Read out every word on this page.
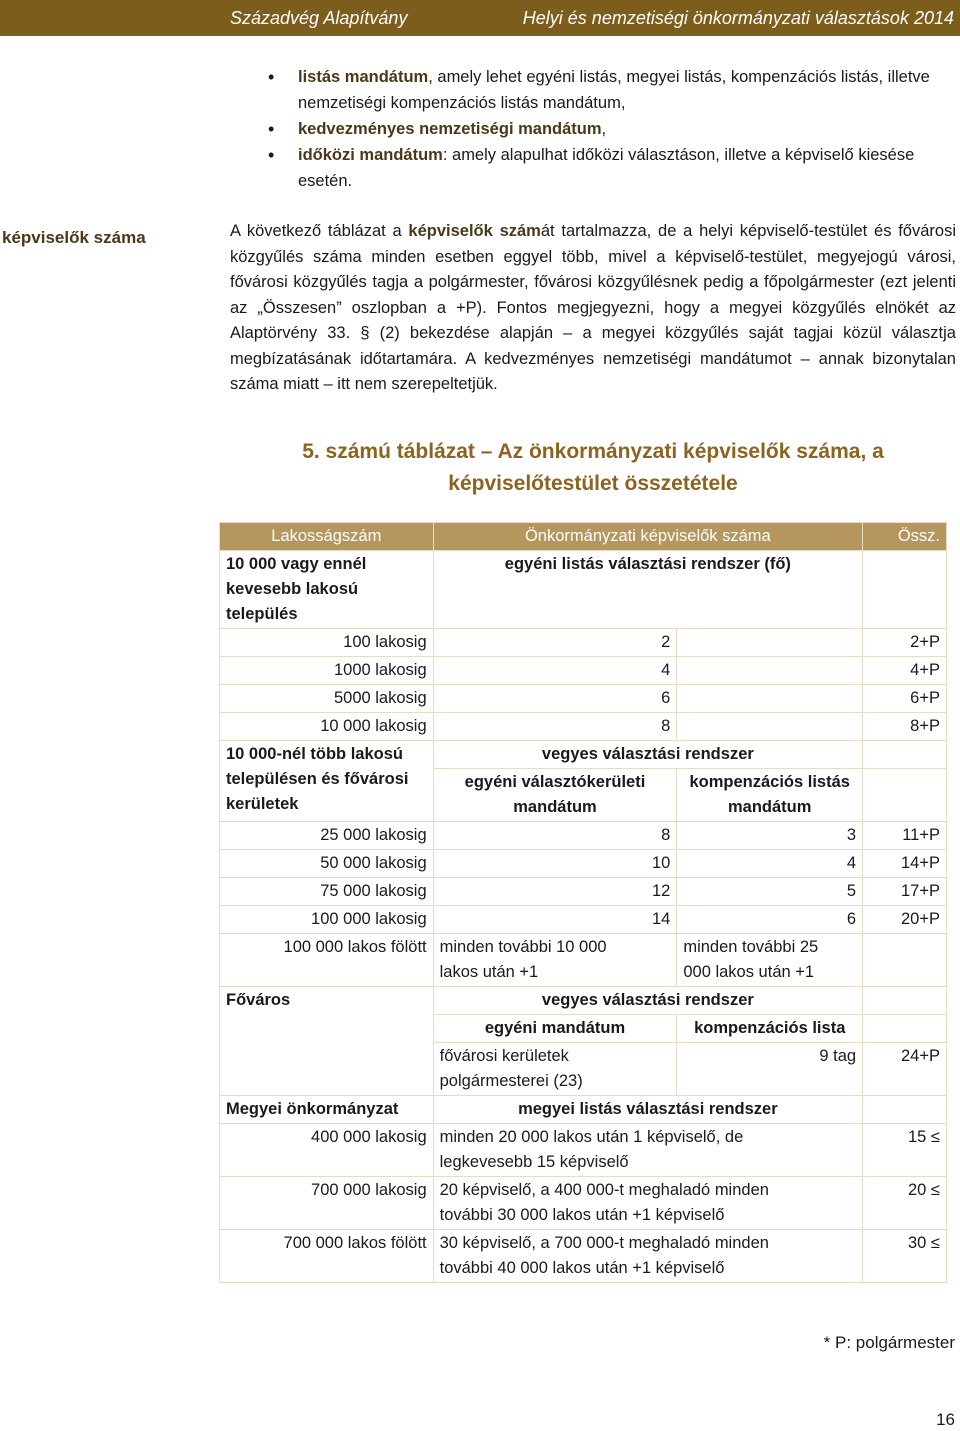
Századvég Alapítvány	Helyi és nemzetiségi önkormányzati választások 2014
• listás mandátum, amely lehet egyéni listás, megyei listás, kompenzációs listás, illetve nemzetiségi kompenzációs listás mandátum,
• kedvezményes nemzetiségi mandátum,
• időközi mandátum: amely alapulhat időközi választáson, illetve a képviselő kiesése esetén.
képviselők száma	A következő táblázat a képviselők számát tartalmazza, de a helyi képviselő-testület és fővárosi közgyűlés száma minden esetben eggyel több, mivel a képviselő-testület, megyejogú városi, fővárosi közgyűlés tagja a polgármester, fővárosi közgyűlésnek pedig a főpolgármester (ezt jelenti az „Összesen” oszlopban a +P). Fontos megjegyezni, hogy a megyei közgyűlés elnökét az Alaptörvény 33. § (2) bekezdése alapján – a megyei közgyűlés saját tagjai közül választja megbízatásának időtartamára. A kedvezményes nemzetiségi mandátumot – annak bizonytalan száma miatt – itt nem szerepeltetjük.
5. számú táblázat – Az önkormányzati képviselők száma, a képviselőtestület összetétele
Lakosságszám	Önkormányzati képviselők száma		Össz.
10 000 vagy ennél kevesebb lakosú település	egyéni listás választási rendszer (fő)		
100 lakosig	2		2+P
1000 lakosig	4		4+P
5000 lakosig	6		6+P
10 000 lakosig	8		8+P
10 000-nél több lakosú településen és fővárosi kerületek	vegyes választási rendszer		
	egyéni választókerületi mandátum	kompenzációs listás mandátum	
25 000 lakosig	8	3	11+P
50 000 lakosig	10	4	14+P
75 000 lakosig	12	5	17+P
100 000 lakosig	14	6	20+P
100 000 lakos fölött	minden további 10 000 lakos után +1	minden további 25 000 lakos után +1	
Főváros	vegyes választási rendszer		
	egyéni mandátum	kompenzációs lista	
	fővárosi kerületek polgármesterei (23)	9 tag	24+P
Megyei önkormányzat	megyei listás választási rendszer		
400 000 lakosig	minden 20 000 lakos után 1 képviselő, de legkevesebb 15 képviselő		15 ≤
700 000 lakosig	20 képviselő, a 400 000-t meghaladó minden további 30 000 lakos után +1 képviselő		20 ≤
700 000 lakos fölött	30 képviselő, a 700 000-t meghaladó minden további 40 000 lakos után +1 képviselő		30 ≤
* P: polgármester
16
